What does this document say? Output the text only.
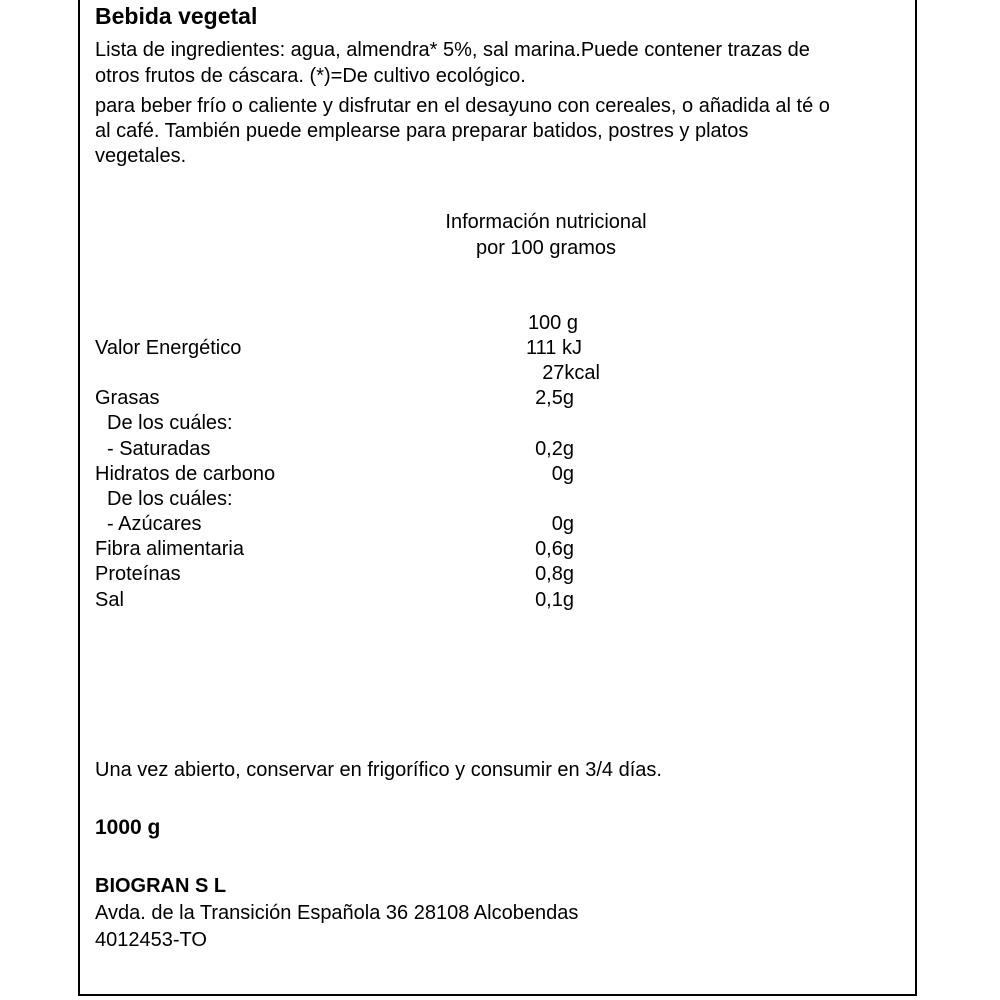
Bebida vegetal
Lista de ingredientes: agua, almendra* 5%, sal marina.Puede contener trazas de
otros frutos de cáscara. (*)=De cultivo ecológico.
para beber frío o caliente y disfrutar en el desayuno con cereales, o añadida al té o
al café. También puede emplearse para preparar batidos, postres y platos
vegetales.
Información nutricional
por 100 gramos
100 g
Valor Energético	111 kJ
27kcal
Grasas	2,5g
De los cuáles:
- Saturadas	0,2g
Hidratos de carbono	0g
De los cuáles:
- Azúcares	0g
Fibra alimentaria	0,6g
Proteínas	0,8g
Sal	0,1g
Una vez abierto, conservar en frigorífico y consumir en 3/4 días.
1000 g
BIOGRAN S L
Avda. de la Transición Española 36 28108 Alcobendas
4012453-TO
